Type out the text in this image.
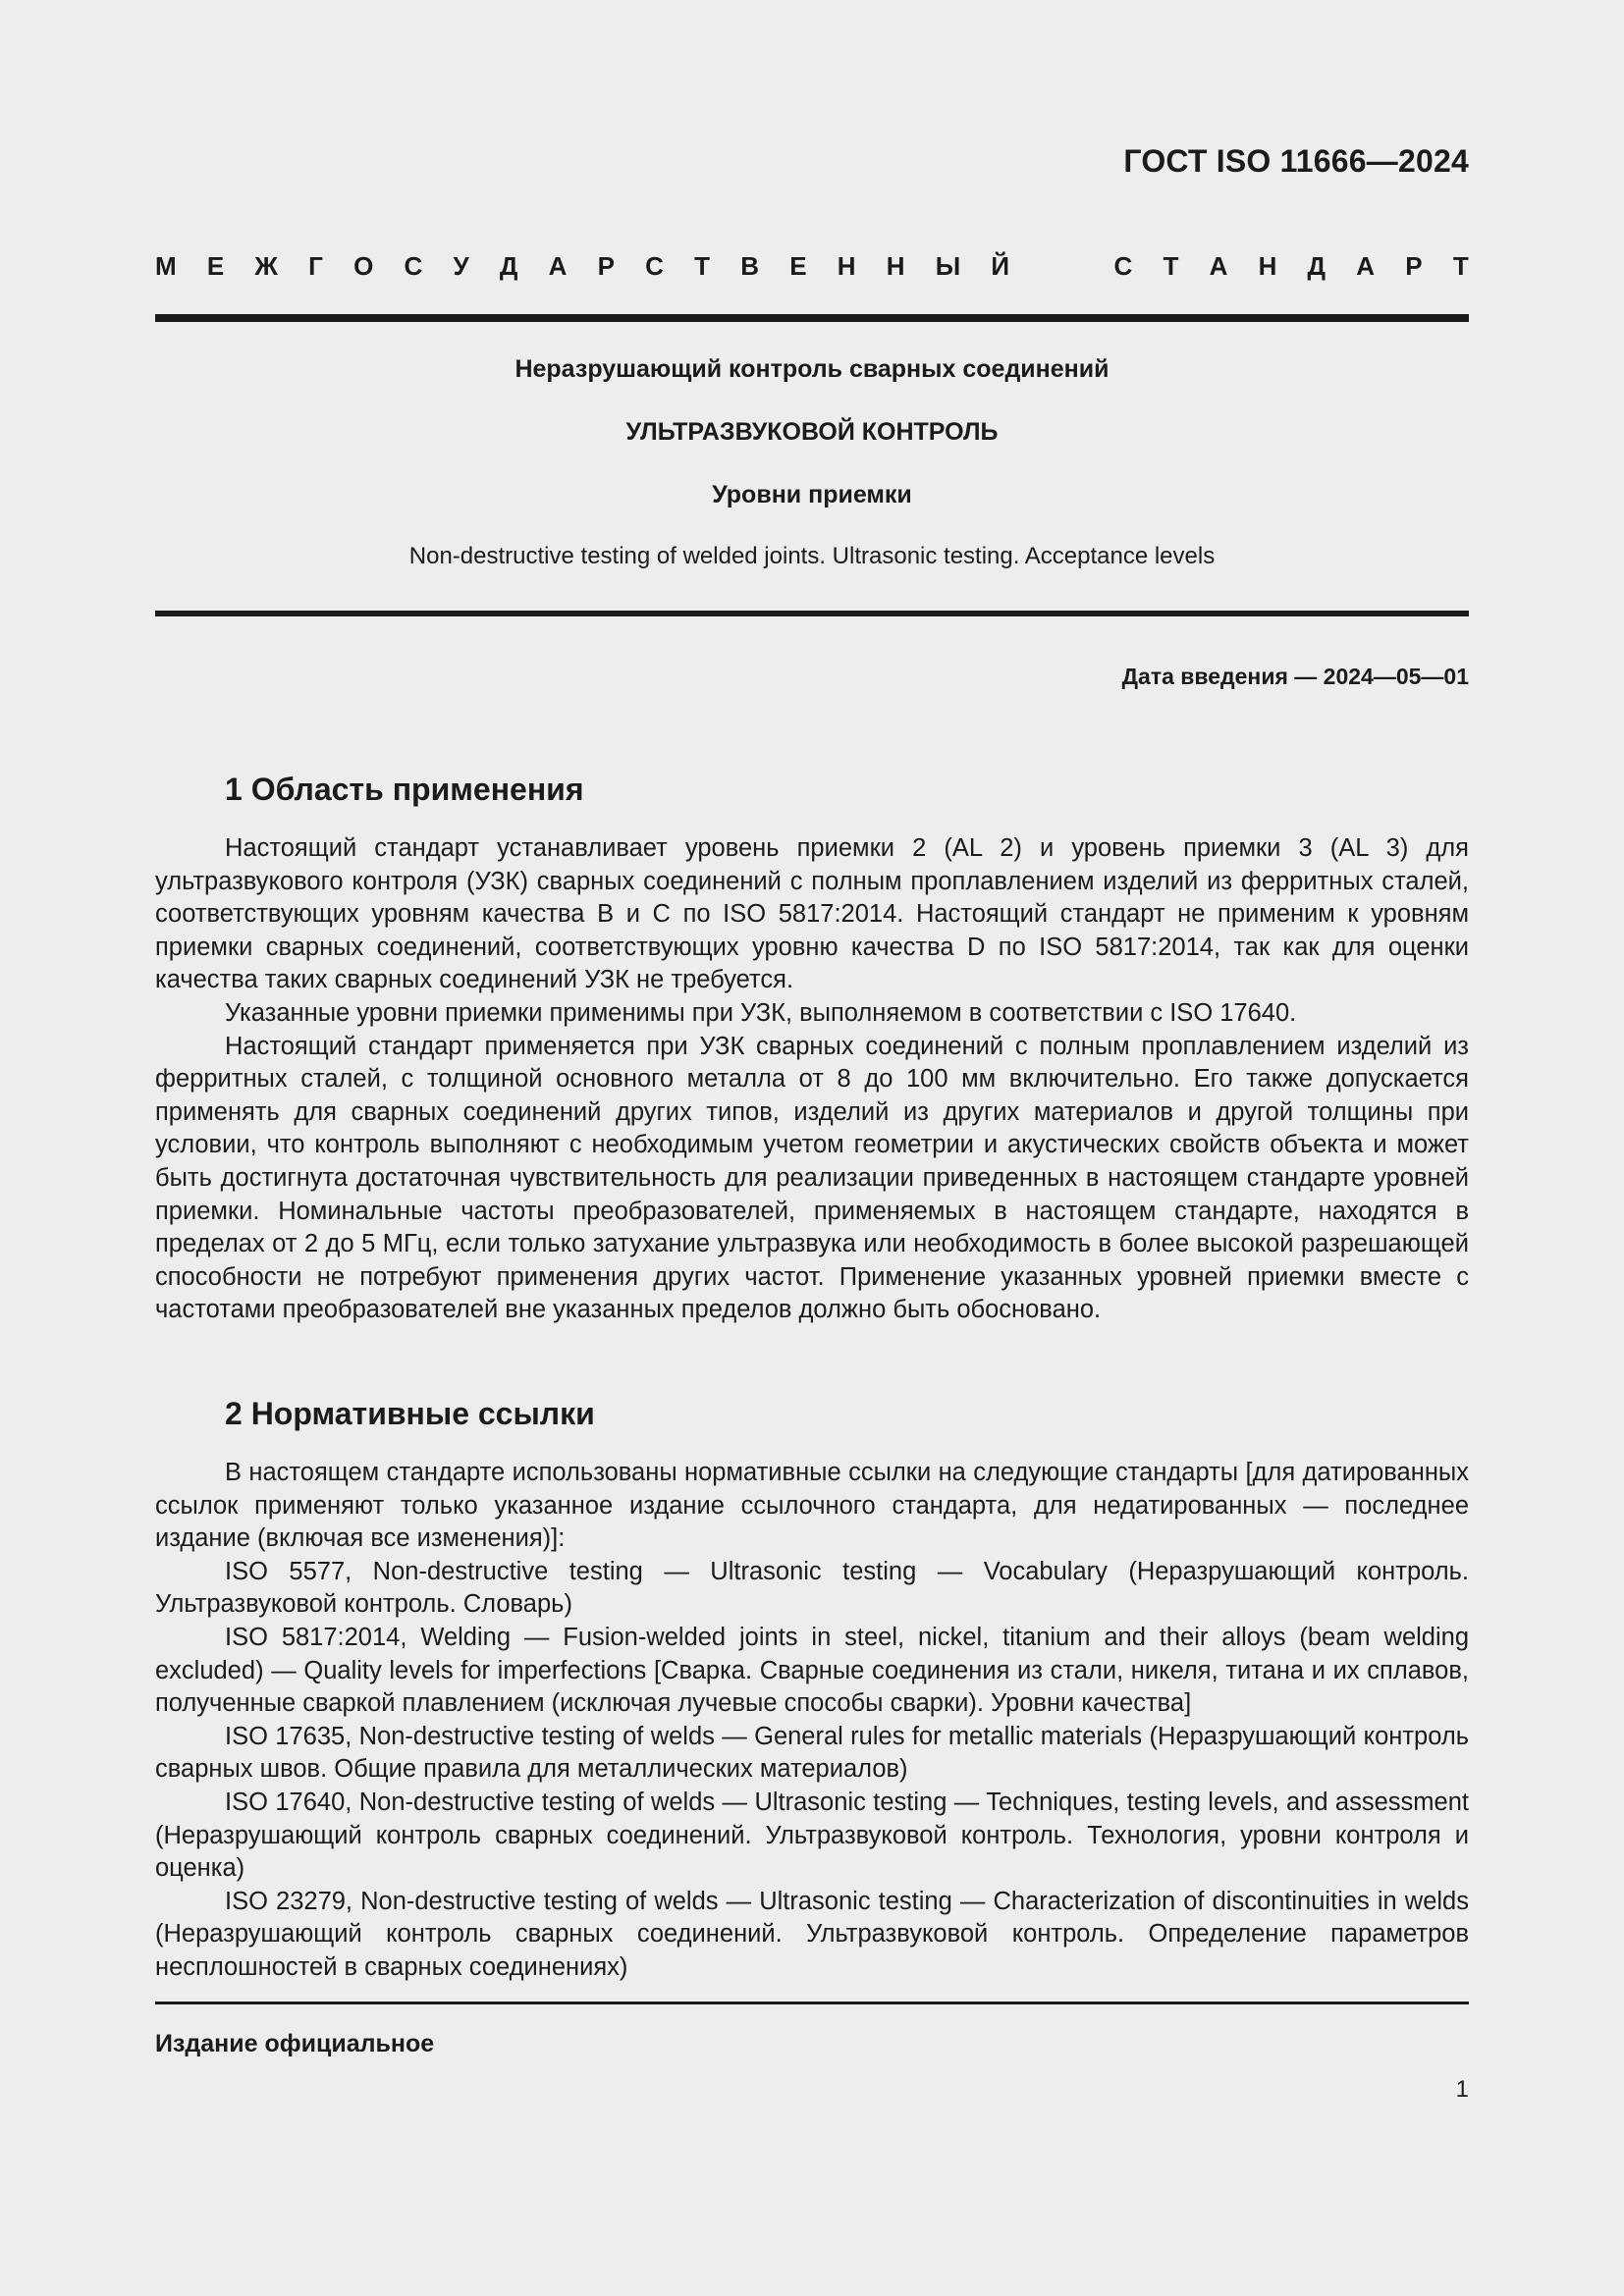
ГОСТ ISO 11666—2024
М Е Ж Г О С У Д А Р С Т В Е Н Н Ы Й	С Т А Н Д А Р Т
Неразрушающий контроль сварных соединений
УЛЬТРАЗВУКОВОЙ КОНТРОЛЬ
Уровни приемки
Non-destructive testing of welded joints. Ultrasonic testing. Acceptance levels
Дата введения — 2024—05—01
1 Область применения

Настоящий стандарт устанавливает уровень приемки 2 (AL 2) и уровень приемки 3 (AL 3) для ультразвукового контроля (УЗК) сварных соединений с полным проплавлением изделий из ферритных сталей, соответствующих уровням качества B и C по ISO 5817:2014. Настоящий стандарт не применим к уровням приемки сварных соединений, соответствующих уровню качества D по ISO 5817:2014, так как для оценки качества таких сварных соединений УЗК не требуется.

Указанные уровни приемки применимы при УЗК, выполняемом в соответствии с ISO 17640.

Настоящий стандарт применяется при УЗК сварных соединений с полным проплавлением изделий из ферритных сталей, с толщиной основного металла от 8 до 100 мм включительно. Его также допускается применять для сварных соединений других типов, изделий из других материалов и другой толщины при условии, что контроль выполняют с необходимым учетом геометрии и акустических свойств объекта и может быть достигнута достаточная чувствительность для реализации приведенных в настоящем стандарте уровней приемки. Номинальные частоты преобразователей, применяемых в настоящем стандарте, находятся в пределах от 2 до 5 МГц, если только затухание ультразвука или необходимость в более высокой разрешающей способности не потребуют применения других частот. Применение указанных уровней приемки вместе с частотами преобразователей вне указанных пределов должно быть обосновано.

2 Нормативные ссылки

В настоящем стандарте использованы нормативные ссылки на следующие стандарты [для датированных ссылок применяют только указанное издание ссылочного стандарта, для недатированных — последнее издание (включая все изменения)]:

ISO 5577, Non-destructive testing — Ultrasonic testing — Vocabulary (Неразрушающий контроль. Ультразвуковой контроль. Словарь)

ISO 5817:2014, Welding — Fusion-welded joints in steel, nickel, titanium and their alloys (beam welding excluded) — Quality levels for imperfections [Сварка. Сварные соединения из стали, никеля, титана и их сплавов, полученные сваркой плавлением (исключая лучевые способы сварки). Уровни качества]

ISO 17635, Non-destructive testing of welds — General rules for metallic materials (Неразрушающий контроль сварных швов. Общие правила для металлических материалов)

ISO 17640, Non-destructive testing of welds — Ultrasonic testing — Techniques, testing levels, and assessment (Неразрушающий контроль сварных соединений. Ультразвуковой контроль. Технология, уровни контроля и оценка)

ISO 23279, Non-destructive testing of welds — Ultrasonic testing — Characterization of discontinuities in welds (Неразрушающий контроль сварных соединений. Ультразвуковой контроль. Определение параметров несплошностей в сварных соединениях)

Издание официальное
1
